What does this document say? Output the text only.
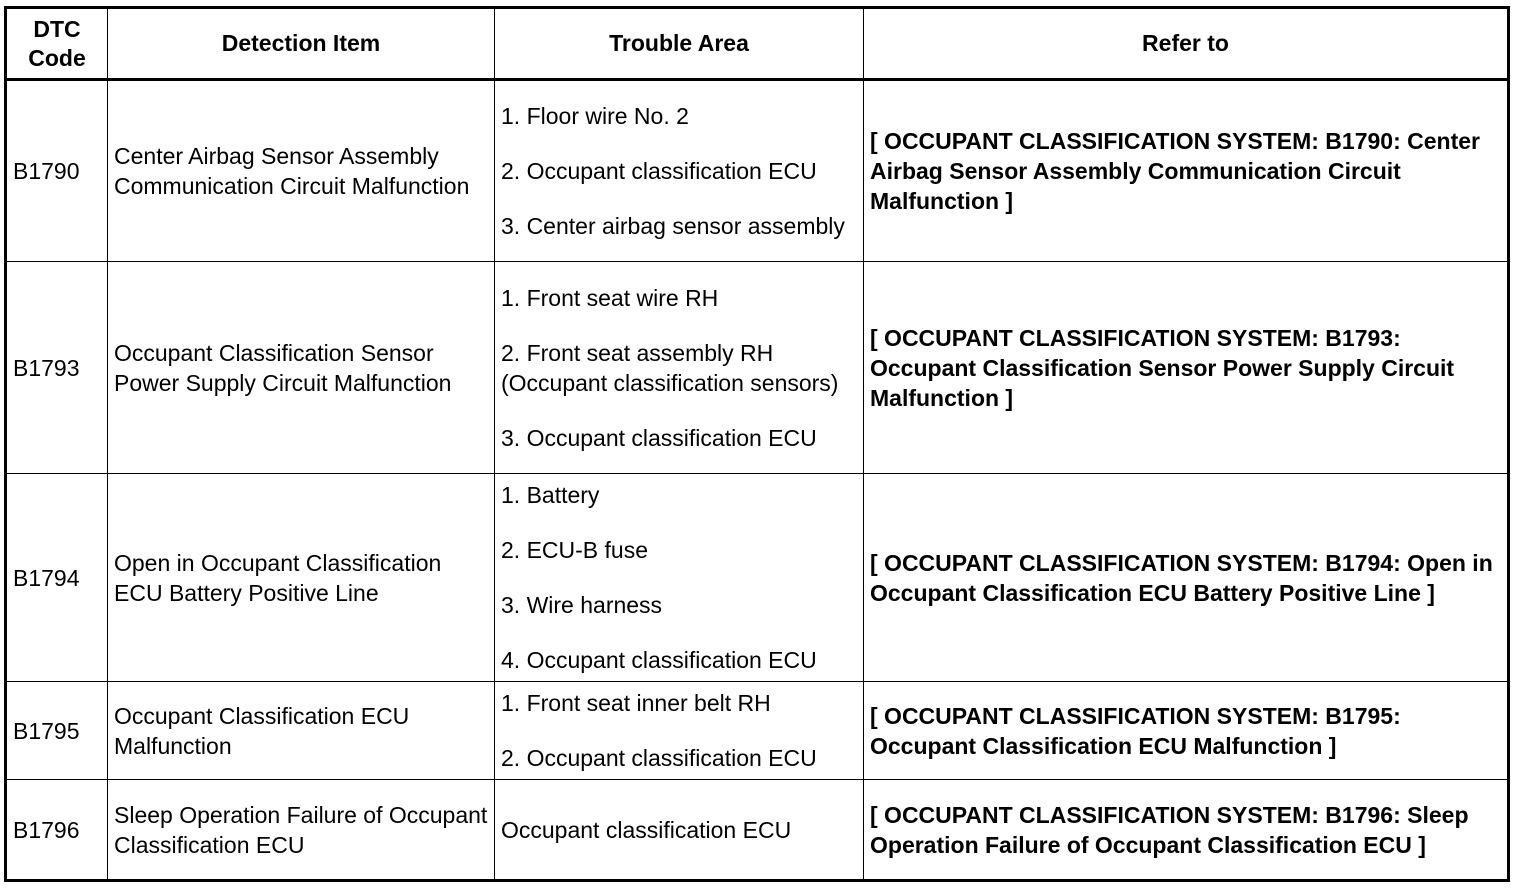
DTC Code	Detection Item	Trouble Area	Refer to
B1790	Center Airbag Sensor Assembly Communication Circuit Malfunction	1. Floor wire No. 2
2. Occupant classification ECU
3. Center airbag sensor assembly	[ OCCUPANT CLASSIFICATION SYSTEM: B1790: Center Airbag Sensor Assembly Communication Circuit Malfunction ]
B1793	Occupant Classification Sensor Power Supply Circuit Malfunction	1. Front seat wire RH
2. Front seat assembly RH (Occupant classification sensors)
3. Occupant classification ECU	[ OCCUPANT CLASSIFICATION SYSTEM: B1793: Occupant Classification Sensor Power Supply Circuit Malfunction ]
B1794	Open in Occupant Classification ECU Battery Positive Line	1. Battery
2. ECU-B fuse
3. Wire harness
4. Occupant classification ECU	[ OCCUPANT CLASSIFICATION SYSTEM: B1794: Open in Occupant Classification ECU Battery Positive Line ]
B1795	Occupant Classification ECU Malfunction	1. Front seat inner belt RH
2. Occupant classification ECU	[ OCCUPANT CLASSIFICATION SYSTEM: B1795: Occupant Classification ECU Malfunction ]
B1796	Sleep Operation Failure of Occupant Classification ECU	Occupant classification ECU	[ OCCUPANT CLASSIFICATION SYSTEM: B1796: Sleep Operation Failure of Occupant Classification ECU ]
